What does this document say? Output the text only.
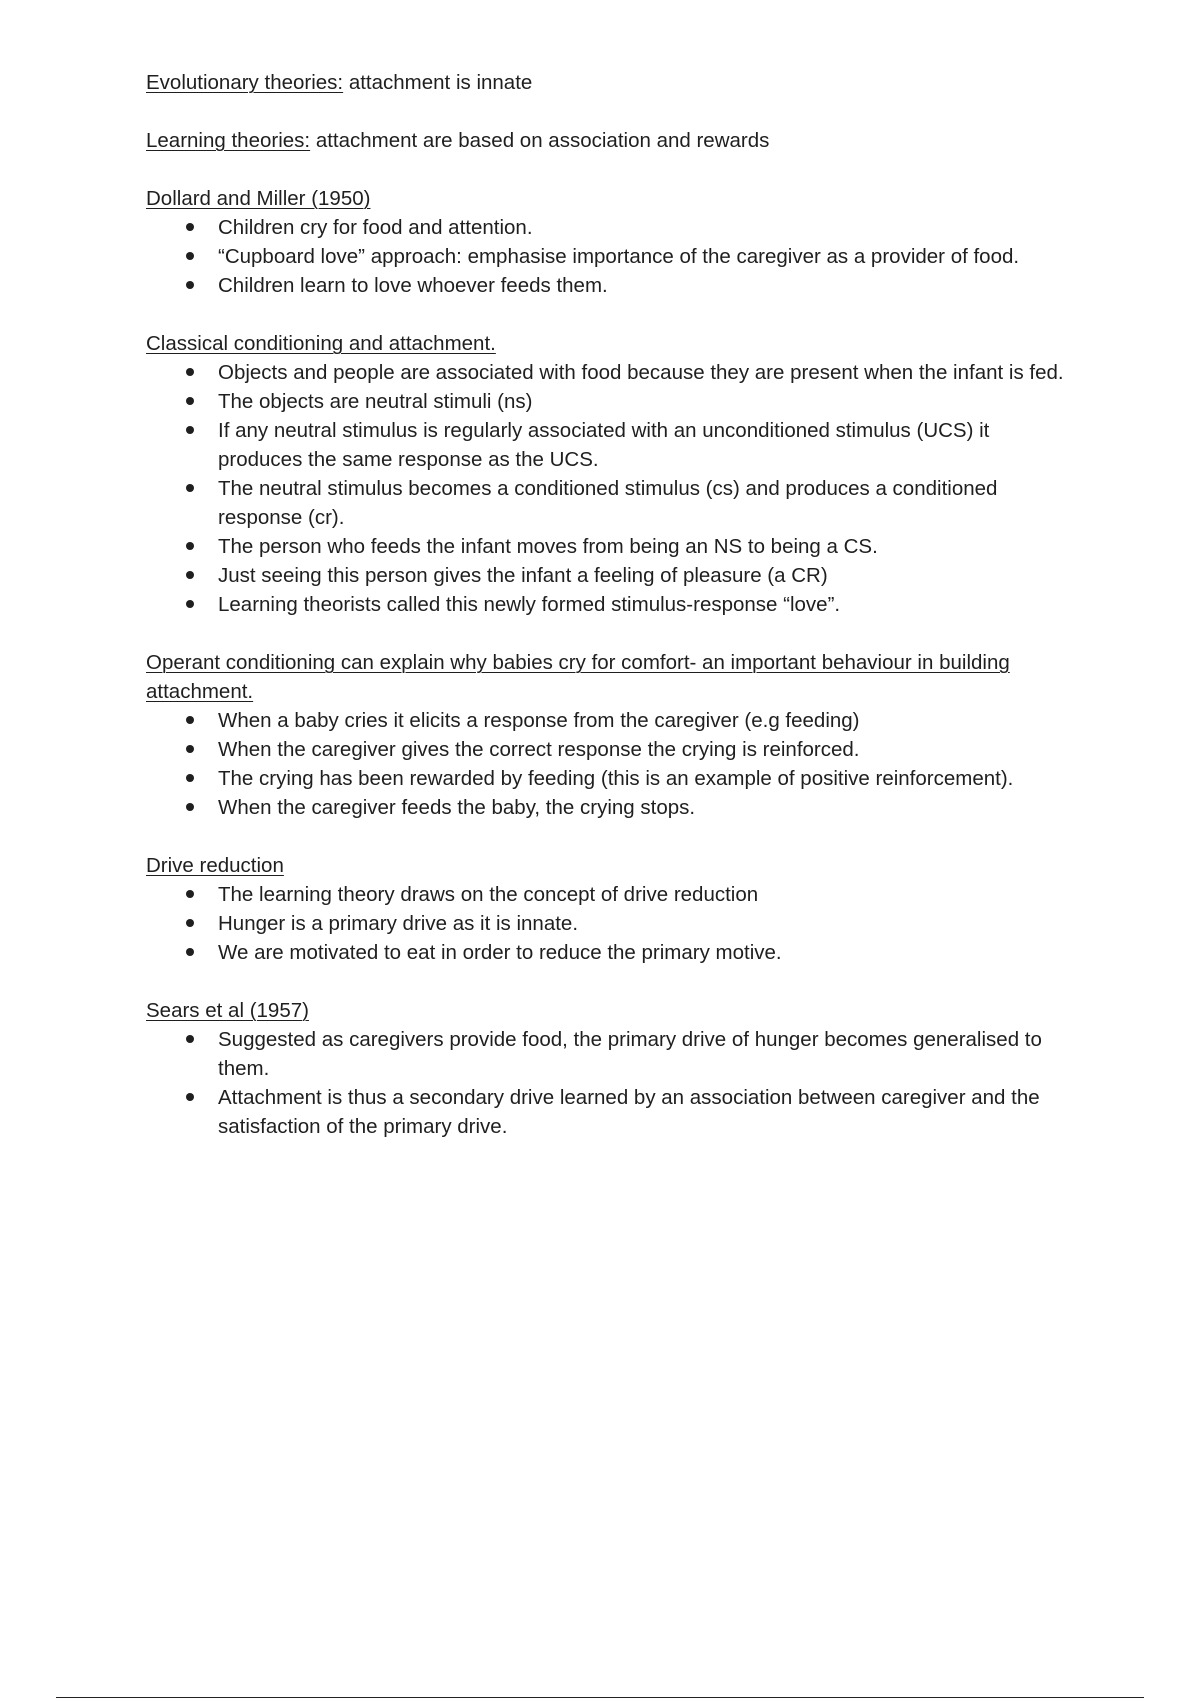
Evolutionary theories: attachment is innate

Learning theories: attachment are based on association and rewards

Dollard and Miller (1950)
Children cry for food and attention.
“Cupboard love” approach: emphasise importance of the caregiver as a provider of food.
Children learn to love whoever feeds them.
Classical conditioning and attachment.
Objects and people are associated with food because they are present when the infant is fed.
The objects are neutral stimuli (ns)
If any neutral stimulus is regularly associated with an unconditioned stimulus (UCS) it produces the same response as the UCS.
The neutral stimulus becomes a conditioned stimulus (cs) and produces a conditioned response (cr).
The person who feeds the infant moves from being an NS to being a CS.
Just seeing this person gives the infant a feeling of pleasure (a CR)
Learning theorists called this newly formed stimulus-response “love”.
Operant conditioning can explain why babies cry for comfort- an important behaviour in building attachment.
When a baby cries it elicits a response from the caregiver (e.g feeding)
When the caregiver gives the correct response the crying is reinforced.
The crying has been rewarded by feeding (this is an example of positive reinforcement).
When the caregiver feeds the baby, the crying stops.
Drive reduction
The learning theory draws on the concept of drive reduction
Hunger is a primary drive as it is innate.
We are motivated to eat in order to reduce the primary motive.
Sears et al (1957)
Suggested as caregivers provide food, the primary drive of hunger becomes generalised to them.
Attachment is thus a secondary drive learned by an association between caregiver and the satisfaction of the primary drive.
